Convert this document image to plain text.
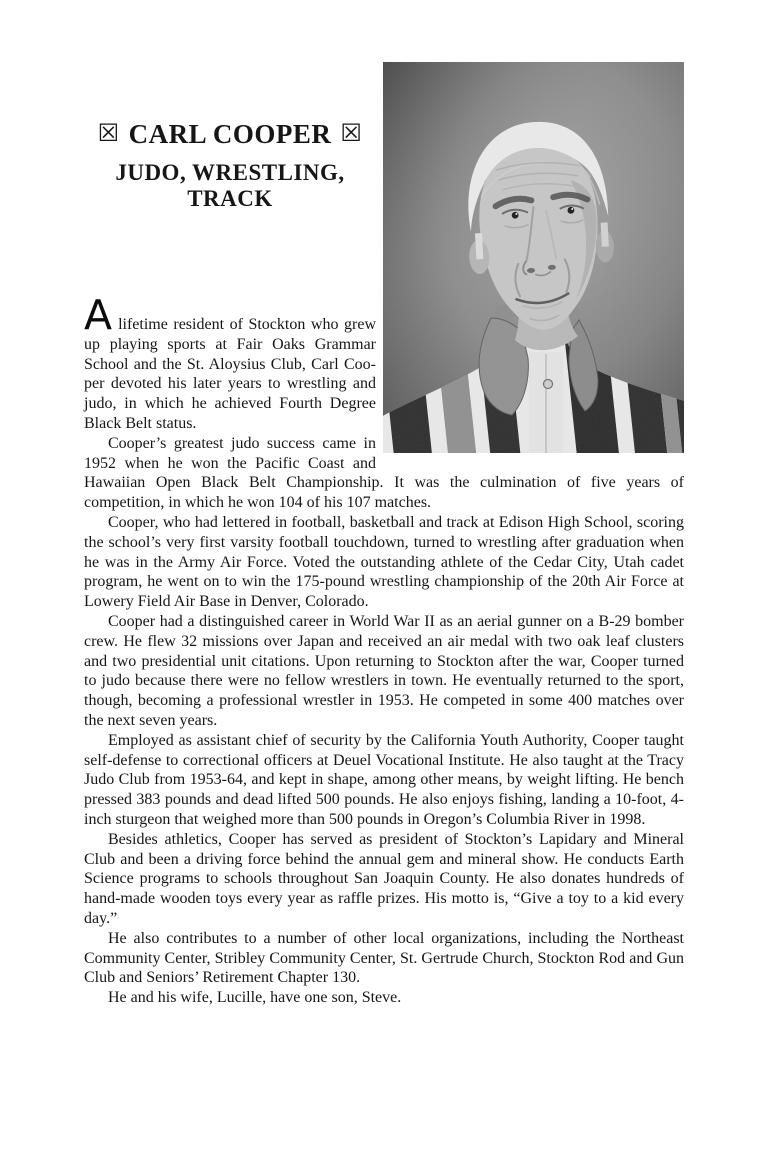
☒ CARL COOPER ☒
JUDO, WRESTLING,
TRACK

Alifetime resident of Stockton who grew up playing sports at Fair Oaks Grammar School and the St. Aloysius Club, Carl Cooper devoted his later years to wrestling and judo, in which he achieved Fourth Degree Black Belt status.

Cooper’s greatest judo success came in 1952 when he won the Pacific Coast and Hawaiian Open Black Belt Championship. It was the culmination of five years of competition, in which he won 104 of his 107 matches.

Cooper, who had lettered in football, basketball and track at Edison High School, scoring the school’s very first varsity football touchdown, turned to wrestling after graduation when he was in the Army Air Force. Voted the outstanding athlete of the Cedar City, Utah cadet program, he went on to win the 175-pound wrestling championship of the 20th Air Force at Lowery Field Air Base in Denver, Colorado.

Cooper had a distinguished career in World War II as an aerial gunner on a B-29 bomber crew. He flew 32 missions over Japan and received an air medal with two oak leaf clusters and two presidential unit citations. Upon returning to Stockton after the war, Cooper turned to judo because there were no fellow wrestlers in town. He eventually returned to the sport, though, becoming a professional wrestler in 1953. He competed in some 400 matches over the next seven years.

Employed as assistant chief of security by the California Youth Authority, Cooper taught self-defense to correctional officers at Deuel Vocational Institute. He also taught at the Tracy Judo Club from 1953-64, and kept in shape, among other means, by weight lifting. He bench pressed 383 pounds and dead lifted 500 pounds. He also enjoys fishing, landing a 10-foot, 4-inch sturgeon that weighed more than 500 pounds in Oregon’s Columbia River in 1998.

Besides athletics, Cooper has served as president of Stockton’s Lapidary and Mineral Club and been a driving force behind the annual gem and mineral show. He conducts Earth Science programs to schools throughout San Joaquin County. He also donates hundreds of hand-made wooden toys every year as raffle prizes. His motto is, “Give a toy to a kid every day.”

He also contributes to a number of other local organizations, including the Northeast Community Center, Stribley Community Center, St. Gertrude Church, Stockton Rod and Gun Club and Seniors’ Retirement Chapter 130.

He and his wife, Lucille, have one son, Steve.
